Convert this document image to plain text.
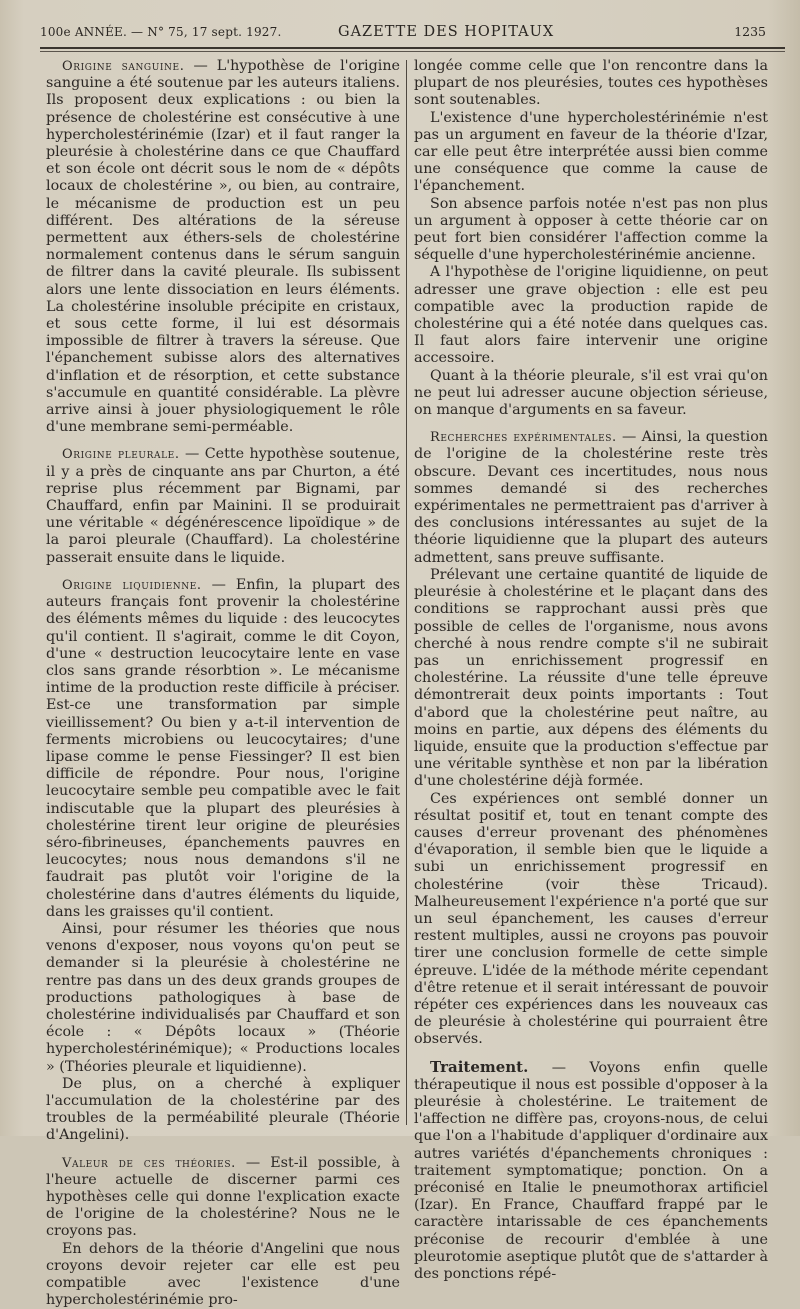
100e ANNÉE. — N° 75, 17 sept. 1927.	GAZETTE DES HOPITAUX	1235

Origine sanguine. — L'hypothèse de l'origine sanguine a été soutenue par les auteurs italiens. Ils proposent deux explications : ou bien la présence de cholestérine est consécutive à une hypercholestérinémie (Izar) et il faut ranger la pleurésie à cholestérine dans ce que Chauffard et son école ont décrit sous le nom de « dépôts locaux de cholestérine », ou bien, au contraire, le mécanisme de production est un peu différent. Des altérations de la séreuse permettent aux éthers-sels de cholestérine normalement contenus dans le sérum sanguin de filtrer dans la cavité pleurale. Ils subissent alors une lente dissociation en leurs éléments. La cholestérine insoluble précipite en cristaux, et sous cette forme, il lui est désormais impossible de filtrer à travers la séreuse. Que l'épanchement subisse alors des alternatives d'inflation et de résorption, et cette substance s'accumule en quantité considérable. La plèvre arrive ainsi à jouer physiologiquement le rôle d'une membrane semi-perméable.

Origine pleurale. — Cette hypothèse soutenue, il y a près de cinquante ans par Churton, a été reprise plus récemment par Bignami, par Chauffard, enfin par Mainini. Il se produirait une véritable « dégénérescence lipoïdique » de la paroi pleurale (Chauffard). La cholestérine passerait ensuite dans le liquide.

Origine liquidienne. — Enfin, la plupart des auteurs français font provenir la cholestérine des éléments mêmes du liquide : des leucocytes qu'il contient. Il s'agirait, comme le dit Coyon, d'une « destruction leucocytaire lente en vase clos sans grande résorbtion ». Le mécanisme intime de la production reste difficile à préciser. Est-ce une transformation par simple vieillissement? Ou bien y a-t-il intervention de ferments microbiens ou leucocytaires; d'une lipase comme le pense Fiessinger? Il est bien difficile de répondre. Pour nous, l'origine leucocytaire semble peu compatible avec le fait indiscutable que la plupart des pleurésies à cholestérine tirent leur origine de pleurésies séro-fibrineuses, épanchements pauvres en leucocytes; nous nous demandons s'il ne faudrait pas plutôt voir l'origine de la cholestérine dans d'autres éléments du liquide, dans les graisses qu'il contient.

Ainsi, pour résumer les théories que nous venons d'exposer, nous voyons qu'on peut se demander si la pleurésie à cholestérine ne rentre pas dans un des deux grands groupes de productions pathologiques à base de cholestérine individualisés par Chauffard et son école : « Dépôts locaux » (Théorie hypercholestérinémique); « Productions locales » (Théories pleurale et liquidienne).

De plus, on a cherché à expliquer l'accumulation de la cholestérine par des troubles de la perméabilité pleurale (Théorie d'Angelini).

Valeur de ces théories. — Est-il possible, à l'heure actuelle de discerner parmi ces hypothèses celle qui donne l'explication exacte de l'origine de la cholestérine? Nous ne le croyons pas.

En dehors de la théorie d'Angelini que nous croyons devoir rejeter car elle est peu compatible avec l'existence d'une hypercholestérinémie pro-

longée comme celle que l'on rencontre dans la plupart de nos pleurésies, toutes ces hypothèses sont soutenables.

L'existence d'une hypercholestérinémie n'est pas un argument en faveur de la théorie d'Izar, car elle peut être interprétée aussi bien comme une conséquence que comme la cause de l'épanchement.

Son absence parfois notée n'est pas non plus un argument à opposer à cette théorie car on peut fort bien considérer l'affection comme la séquelle d'une hypercholestérinémie ancienne.

A l'hypothèse de l'origine liquidienne, on peut adresser une grave objection : elle est peu compatible avec la production rapide de cholestérine qui a été notée dans quelques cas. Il faut alors faire intervenir une origine accessoire.

Quant à la théorie pleurale, s'il est vrai qu'on ne peut lui adresser aucune objection sérieuse, on manque d'arguments en sa faveur.

Recherches expérimentales. — Ainsi, la question de l'origine de la cholestérine reste très obscure. Devant ces incertitudes, nous nous sommes demandé si des recherches expérimentales ne permettraient pas d'arriver à des conclusions intéressantes au sujet de la théorie liquidienne que la plupart des auteurs admettent, sans preuve suffisante.

Prélevant une certaine quantité de liquide de pleurésie à cholestérine et le plaçant dans des conditions se rapprochant aussi près que possible de celles de l'organisme, nous avons cherché à nous rendre compte s'il ne subirait pas un enrichissement progressif en cholestérine. La réussite d'une telle épreuve démontrerait deux points importants : Tout d'abord que la cholestérine peut naître, au moins en partie, aux dépens des éléments du liquide, ensuite que la production s'effectue par une véritable synthèse et non par la libération d'une cholestérine déjà formée.

Ces expériences ont semblé donner un résultat positif et, tout en tenant compte des causes d'erreur provenant des phénomènes d'évaporation, il semble bien que le liquide a subi un enrichissement progressif en cholestérine (voir thèse Tricaud). Malheureusement l'expérience n'a porté que sur un seul épanchement, les causes d'erreur restent multiples, aussi ne croyons pas pouvoir tirer une conclusion formelle de cette simple épreuve. L'idée de la méthode mérite cependant d'être retenue et il serait intéressant de pouvoir répéter ces expériences dans les nouveaux cas de pleurésie à cholestérine qui pourraient être observés.

Traitement. — Voyons enfin quelle thérapeutique il nous est possible d'opposer à la pleurésie à cholestérine. Le traitement de l'affection ne diffère pas, croyons-nous, de celui que l'on a l'habitude d'appliquer d'ordinaire aux autres variétés d'épanchements chroniques : traitement symptomatique; ponction. On a préconisé en Italie le pneumothorax artificiel (Izar). En France, Chauffard frappé par le caractère intarissable de ces épanchements préconise de recourir d'emblée à une pleurotomie aseptique plutôt que de s'attarder à des ponctions répé-
